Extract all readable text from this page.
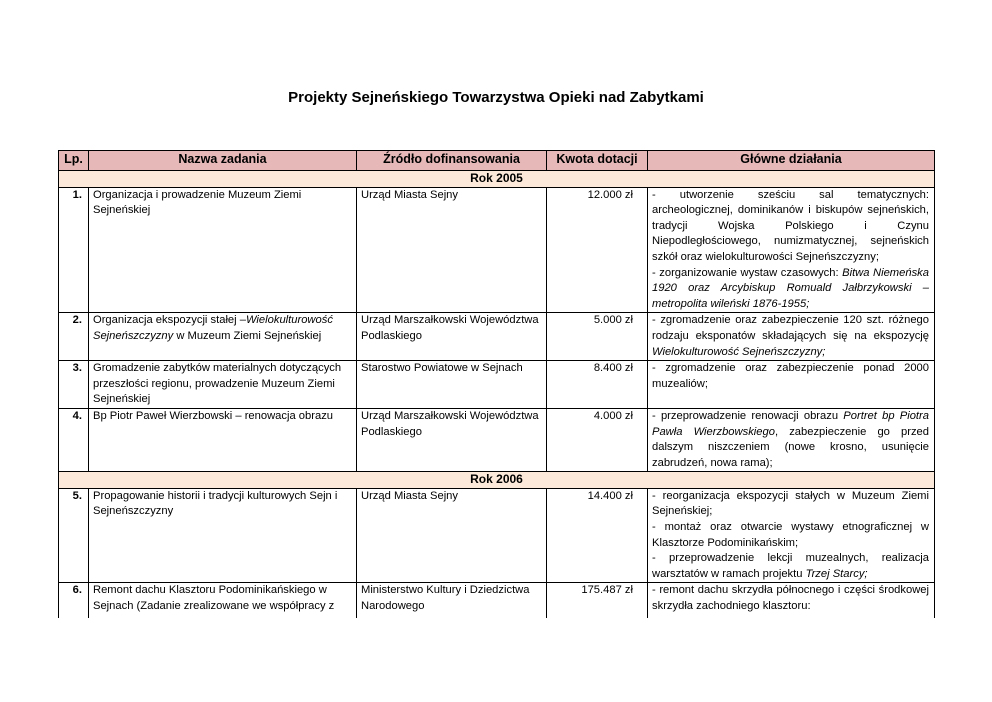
Projekty Sejneńskiego Towarzystwa Opieki nad Zabytkami
Lp.	Nazwa zadania	Źródło dofinansowania	Kwota dotacji	Główne działania
Rok 2005				
1.	Organizacja i prowadzenie Muzeum Ziemi Sejneńskiej	Urząd Miasta Sejny	12.000 zł	- utworzenie sześciu sal tematycznych: archeologicznej, dominikanów i biskupów sejneńskich, tradycji Wojska Polskiego i Czynu Niepodległościowego, numizmatycznej, sejneńskich szkół oraz wielokulturowości Sejneńszczyzny;
- zorganizowanie wystaw czasowych: Bitwa Niemeńska 1920 oraz Arcybiskup Romuald Jałbrzykowski – metropolita wileński 1876-1955;
2.	Organizacja ekspozycji stałej –Wielokulturowość Sejneńszczyzny w Muzeum Ziemi Sejneńskiej	Urząd Marszałkowski Województwa Podlaskiego	5.000 zł	- zgromadzenie oraz zabezpieczenie 120 szt. różnego rodzaju eksponatów składających się na ekspozycję Wielokulturowość Sejneńszczyzny;
3.	Gromadzenie zabytków materialnych dotyczących przeszłości regionu, prowadzenie Muzeum Ziemi Sejneńskiej	Starostwo Powiatowe w Sejnach	8.400 zł	- zgromadzenie oraz zabezpieczenie ponad 2000 muzealiów;
4.	Bp Piotr Paweł Wierzbowski – renowacja obrazu	Urząd Marszałkowski Województwa Podlaskiego	4.000 zł	- przeprowadzenie renowacji obrazu Portret bp Piotra Pawła Wierzbowskiego, zabezpieczenie go przed dalszym niszczeniem (nowe krosno, usunięcie zabrudzeń, nowa rama);
Rok 2006				
5.	Propagowanie historii i tradycji kulturowych Sejn i Sejneńszczyzny	Urząd Miasta Sejny	14.400 zł	- reorganizacja ekspozycji stałych w Muzeum Ziemi Sejneńskiej;
- montaż oraz otwarcie wystawy etnograficznej w Klasztorze Podominikańskim;
- przeprowadzenie lekcji muzealnych, realizacja warsztatów w ramach projektu Trzej Starcy;

6.	Remont dachu Klasztoru Podominikańskiego w Sejnach (Zadanie zrealizowane we współpracy z	Ministerstwo Kultury i Dziedzictwa Narodowego	175.487 zł	- remont dachu skrzydła północnego i części środkowej skrzydła zachodniego klasztoru:
